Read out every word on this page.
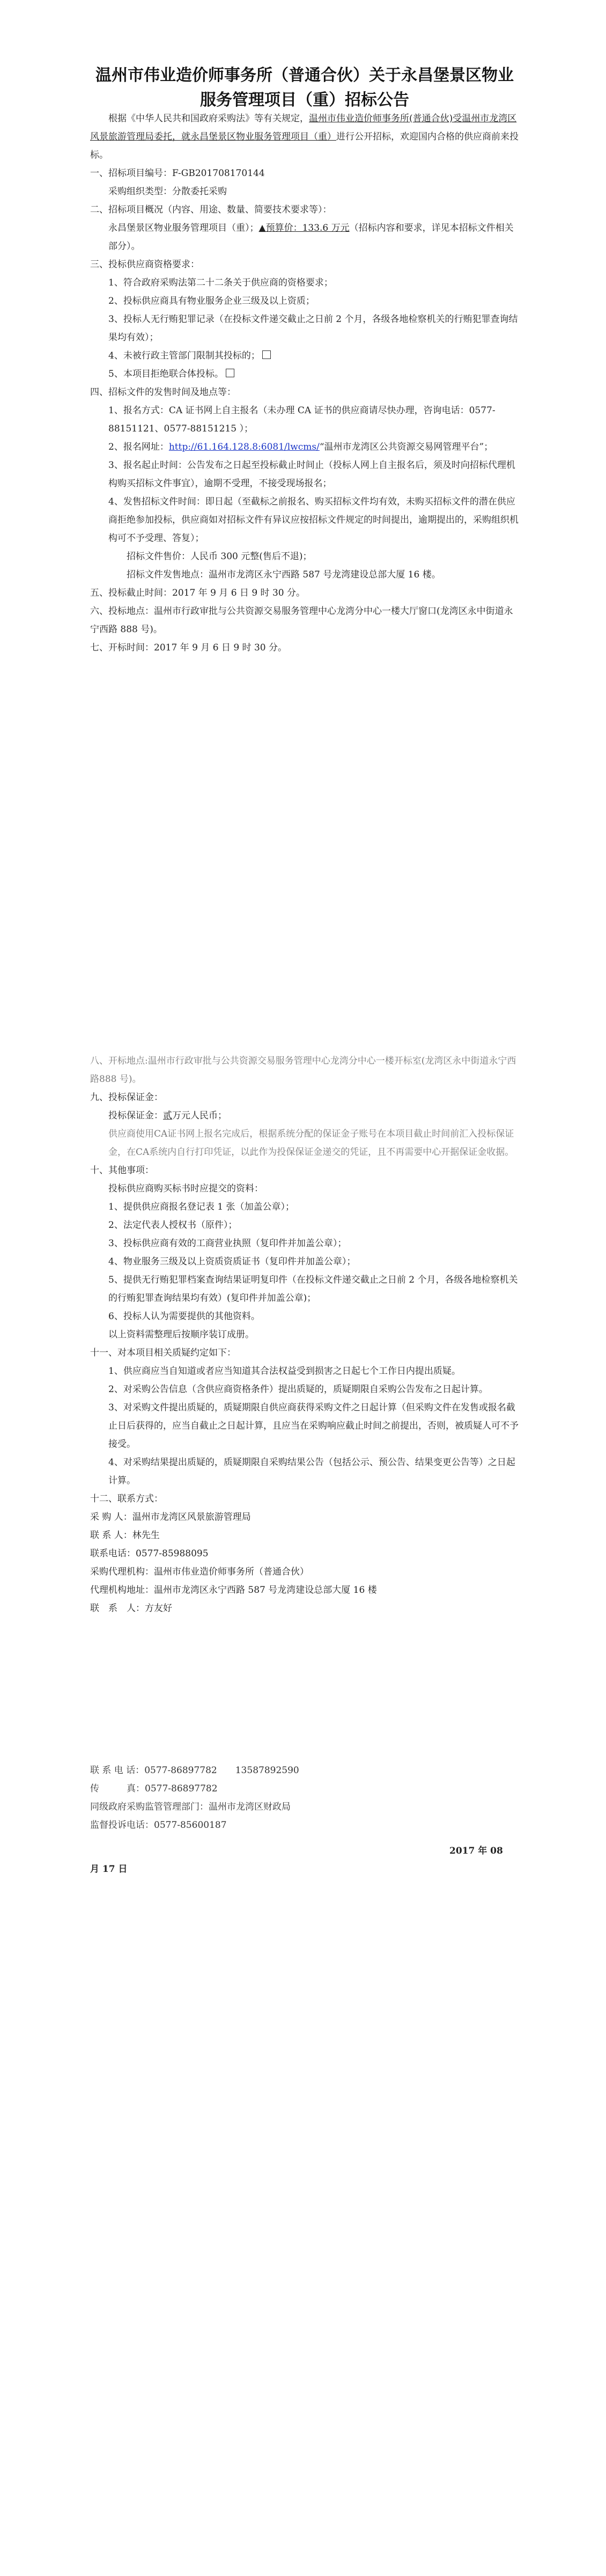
温州市伟业造价师事务所（普通合伙）关于永昌堡景区物业服务管理项目（重）招标公告
根据《中华人民共和国政府采购法》等有关规定，温州市伟业造价师事务所(普通合伙)受温州市龙湾区风景旅游管理局委托，就永昌堡景区物业服务管理项目（重）进行公开招标，欢迎国内合格的供应商前来投标。
一、招标项目编号：F-GB201708170144
采购组织类型：分散委托采购
二、招标项目概况（内容、用途、数量、简要技术要求等）：
永昌堡景区物业服务管理项目（重）；▲预算价：133.6 万元（招标内容和要求，详见本招标文件相关部分）。
三、投标供应商资格要求：
1、符合政府采购法第二十二条关于供应商的资格要求；
2、投标供应商具有物业服务企业三级及以上资质；
3、投标人无行贿犯罪记录（在投标文件递交截止之日前 2 个月，各级各地检察机关的行贿犯罪查询结果均有效）；
4、未被行政主管部门限制其投标的；
5、本项目拒绝联合体投标。
四、招标文件的发售时间及地点等：
1、报名方式：CA 证书网上自主报名（未办理 CA 证书的供应商请尽快办理，咨询电话：0577-88151121、0577-88151215 ）；
2、报名网址：http://61.164.128.8:6081/lwcms/“温州市龙湾区公共资源交易网管理平台”；
3、报名起止时间：公告发布之日起至投标截止时间止（投标人网上自主报名后，须及时向招标代理机构购买招标文件事宜），逾期不受理，不接受现场报名；
4、发售招标文件时间：即日起（至截标之前报名、购买招标文件均有效，未购买招标文件的潜在供应商拒绝参加投标，供应商如对招标文件有异议应按招标文件规定的时间提出，逾期提出的，采购组织机构可不予受理、答复）；
招标文件售价：人民币 300 元整(售后不退)；
招标文件发售地点：温州市龙湾区永宁西路 587 号龙湾建设总部大厦 16 楼。
五、投标截止时间：2017 年 9 月 6 日 9 时 30 分。
六、投标地点：温州市行政审批与公共资源交易服务管理中心龙湾分中心一楼大厅窗口(龙湾区永中街道永宁西路 888 号)。
七、开标时间：2017 年 9 月 6 日 9 时 30 分。
八、开标地点:温州市行政审批与公共资源交易服务管理中心龙湾分中心一楼开标室(龙湾区永中街道永宁西路888 号)。
九、投标保证金：
投标保证金：贰万元人民币；
供应商使用CA证书网上报名完成后，根据系统分配的保证金子账号在本项目截止时间前汇入投标保证金，在CA系统内自行打印凭证，以此作为投保保证金递交的凭证，且不再需要中心开据保证金收据。
十、其他事项：
投标供应商购买标书时应提交的资料：
1、提供供应商报名登记表 1 张（加盖公章）；
2、法定代表人授权书（原件）；
3、投标供应商有效的工商营业执照（复印件并加盖公章）；
4、物业服务三级及以上资质资质证书（复印件并加盖公章）；
5、提供无行贿犯罪档案查询结果证明复印件（在投标文件递交截止之日前 2 个月，各级各地检察机关的行贿犯罪查询结果均有效）(复印件并加盖公章)；
6、投标人认为需要提供的其他资料。
以上资料需整理后按顺序装订成册。
十一、对本项目相关质疑约定如下：
1、供应商应当自知道或者应当知道其合法权益受到损害之日起七个工作日内提出质疑。
2、对采购公告信息（含供应商资格条件）提出质疑的，质疑期限自采购公告发布之日起计算。
3、对采购文件提出质疑的，质疑期限自供应商获得采购文件之日起计算（但采购文件在发售或报名截止日后获得的，应当自截止之日起计算，且应当在采购响应截止时间之前提出，否则，被质疑人可不予接受。
4、对采购结果提出质疑的，质疑期限自采购结果公告（包括公示、预公告、结果变更公告等）之日起计算。
十二、联系方式：
采 购 人：温州市龙湾区风景旅游管理局
联 系 人：林先生
联系电话：0577-85988095
采购代理机构：温州市伟业造价师事务所（普通合伙）
代理机构地址：温州市龙湾区永宁西路 587 号龙湾建设总部大厦 16 楼
联　系　人：方友好
联 系 电 话：0577-86897782　　13587892590
传　　　真：0577-86897782
同级政府采购监管管理部门：温州市龙湾区财政局
监督投诉电话：0577-85600187
2017 年 08
月 17 日
